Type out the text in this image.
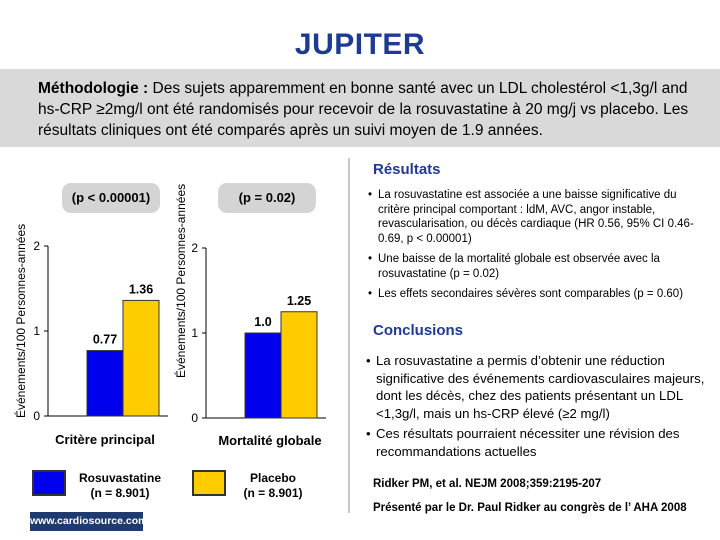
JUPITER

Méthodologie : Des sujets apparemment en bonne santé avec un LDL cholestérol <1,3g/l and hs-CRP ≥2mg/l ont été randomisés pour recevoir de la rosuvastatine à 20 mg/j vs placebo. Les résultats cliniques ont été comparés après un suivi moyen de 1.9 années.

(p < 0.00001)
Événements/100 Personnes-années 0
1
2
0.77
1.36
Critère principal
(p = 0.02)
Événements/100 Personnes-années
0
1
2
1.0
1.25
Mortalité globale
Rosuvastatine
(n = 8.901)
Placebo
(n = 8.901)
www.cardiosource.com
Résultats
• La rosuvastatine est associée a une baisse significative du critère principal comportant : ldM, AVC, angor instable, revascularisation, ou décès cardiaque (HR 0.56, 95% CI 0.46-0.69, p < 0.00001)
• Une baisse de la mortalité globale est observée avec la rosuvastatine (p = 0.02)
• Les effets secondaires sévères sont comparables (p = 0.60)
Conclusions
• La rosuvastatine a permis d’obtenir une réduction significative des événements cardiovasculaires majeurs, dont les décès, chez des patients présentant un LDL <1,3g/l, mais un hs-CRP élevé (≥2 mg/l)
• Ces résultats pourraient nécessiter une révision des recommandations actuelles
Ridker PM, et al. NEJM 2008;359:2195-207
Présenté par le Dr. Paul Ridker au congrès de l’ AHA 2008
